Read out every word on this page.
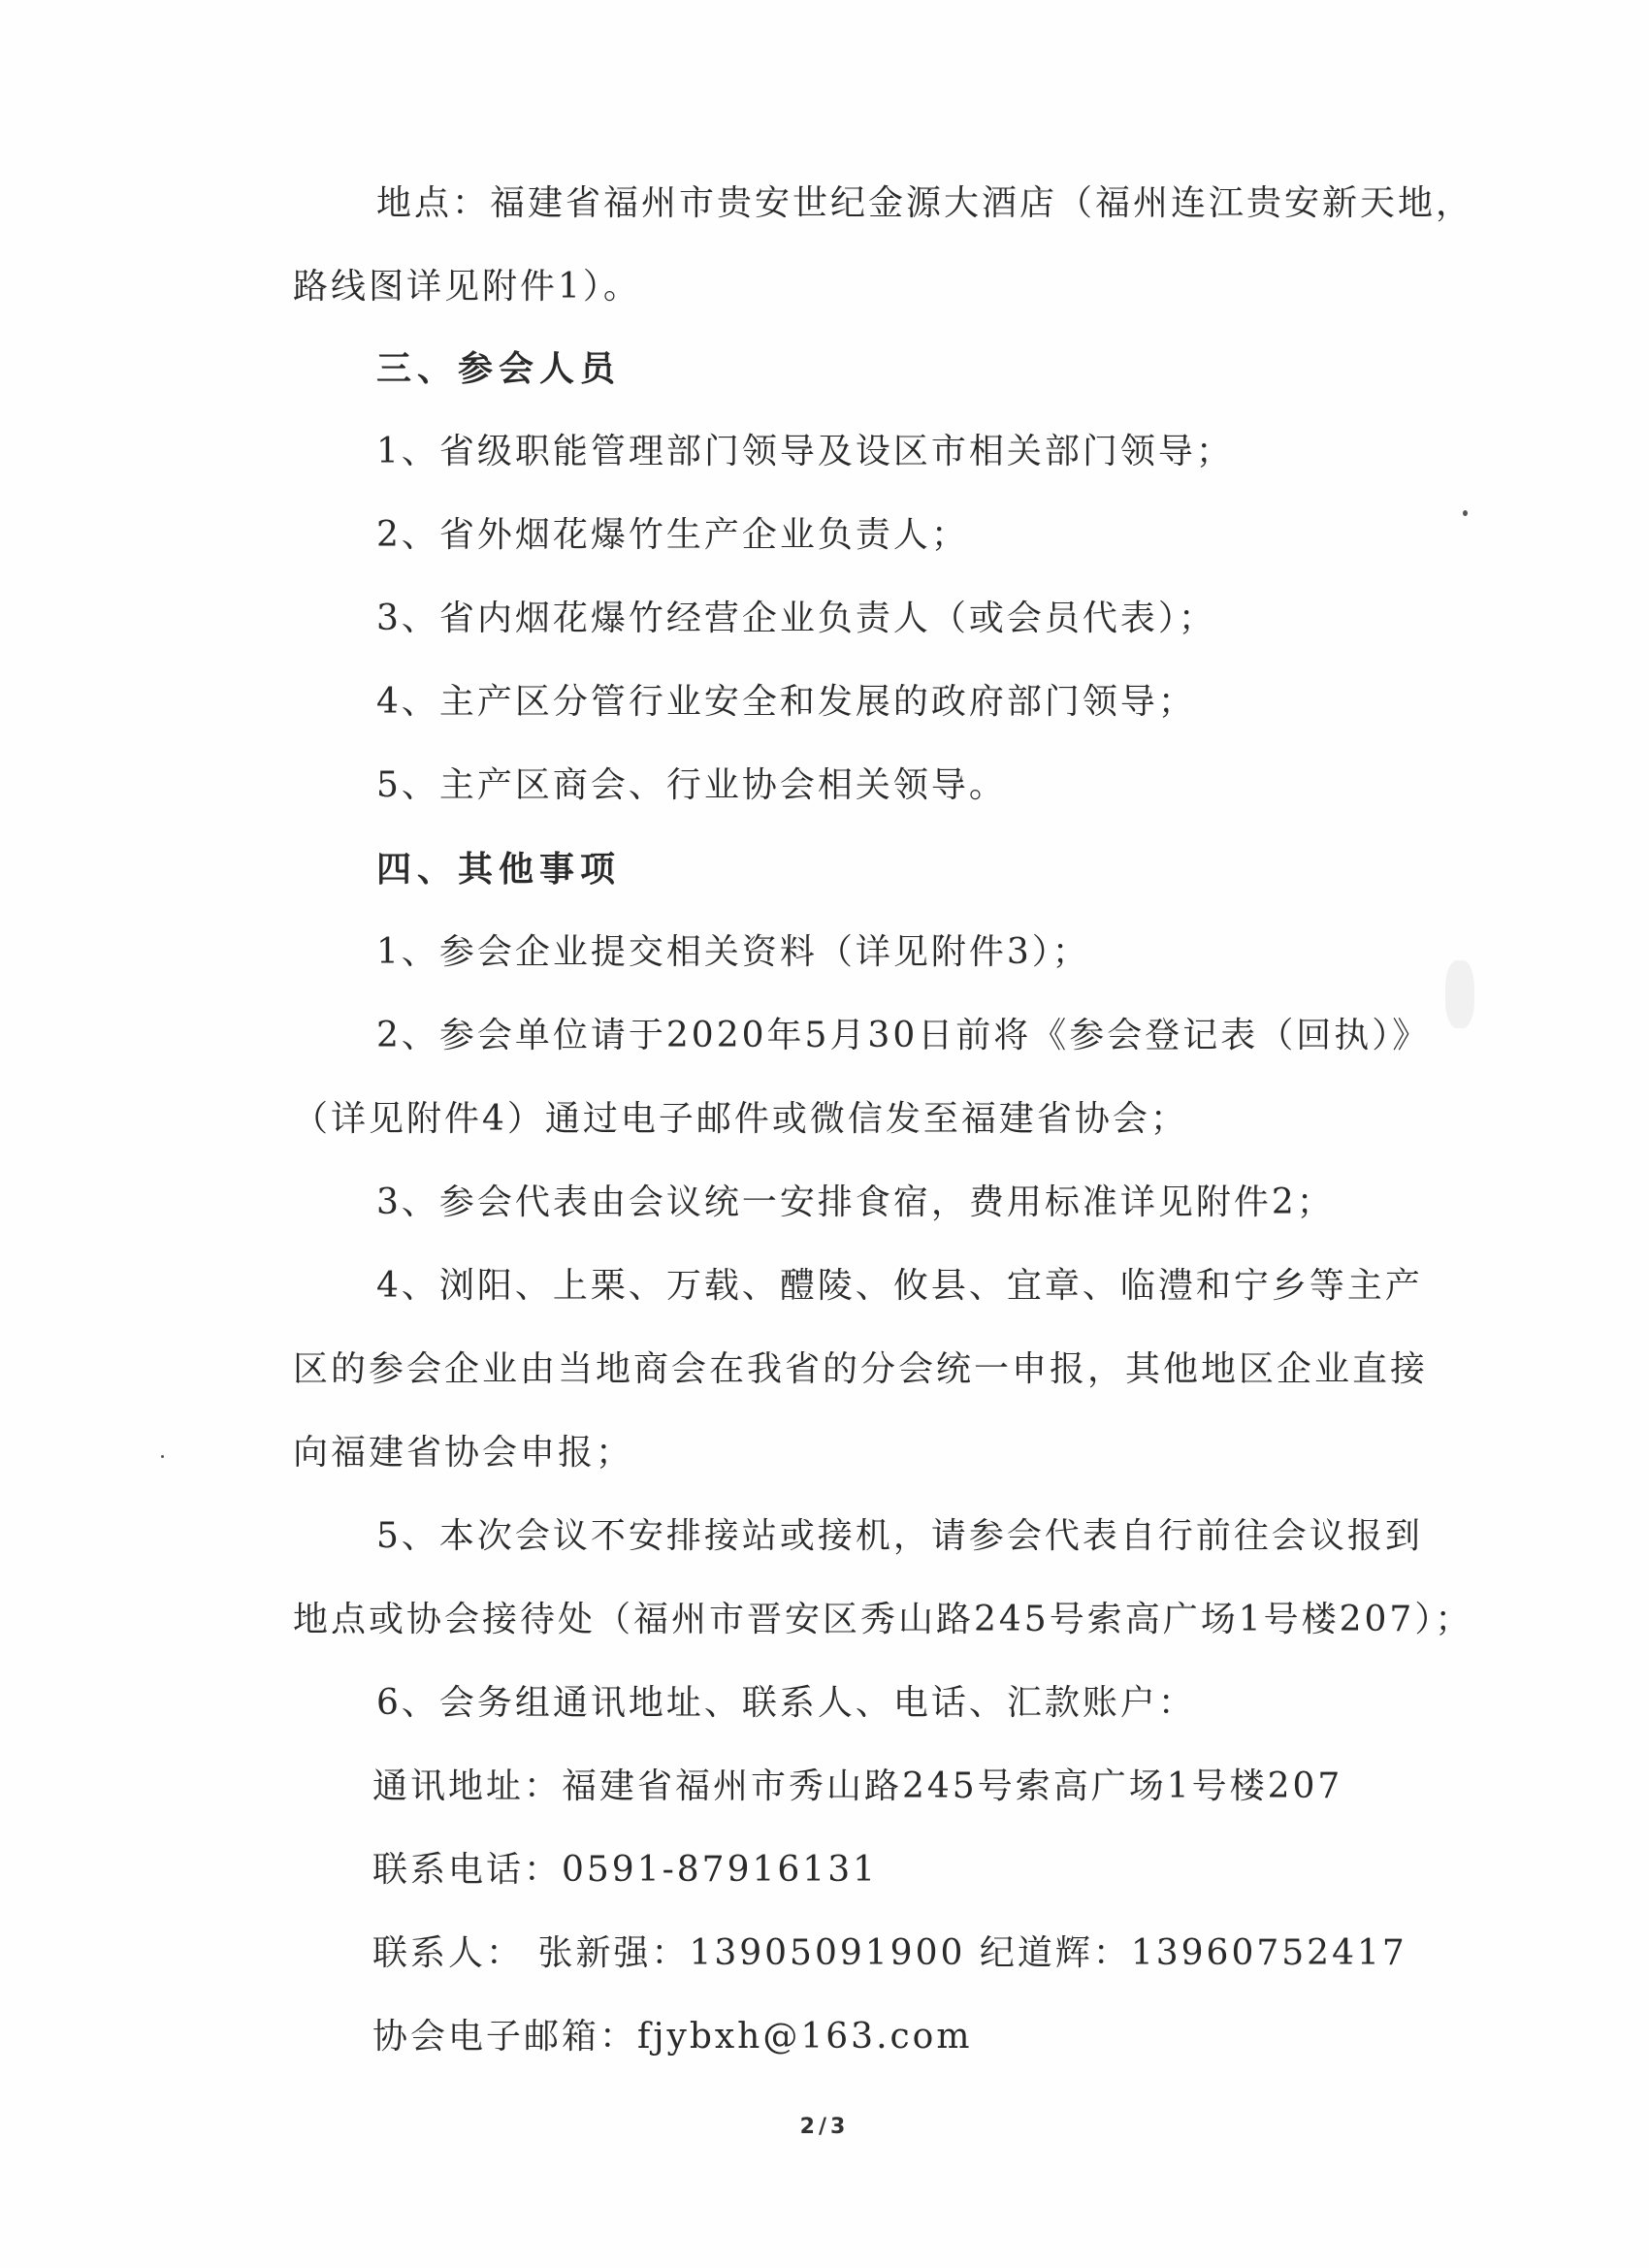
地点：福建省福州市贵安世纪金源大酒店（福州连江贵安新天地，
路线图详见附件1）。
三、参会人员
1、省级职能管理部门领导及设区市相关部门领导；
2、省外烟花爆竹生产企业负责人；
3、省内烟花爆竹经营企业负责人（或会员代表）；
4、主产区分管行业安全和发展的政府部门领导；
5、主产区商会、行业协会相关领导。
四、其他事项
1、参会企业提交相关资料（详见附件3）；
2、参会单位请于2020年5月30日前将《参会登记表（回执）》
（详见附件4）通过电子邮件或微信发至福建省协会；
3、参会代表由会议统一安排食宿，费用标准详见附件2；
4、浏阳、上栗、万载、醴陵、攸县、宜章、临澧和宁乡等主产
区的参会企业由当地商会在我省的分会统一申报，其他地区企业直接
向福建省协会申报；
5、本次会议不安排接站或接机，请参会代表自行前往会议报到
地点或协会接待处（福州市晋安区秀山路245号索高广场1号楼207）；
6、会务组通讯地址、联系人、电话、汇款账户：
通讯地址：福建省福州市秀山路245号索高广场1号楼207
联系电话：0591-87916131
联系人： 张新强：13905091900 纪道辉：13960752417
协会电子邮箱：fjybxh@163.com
2/3
